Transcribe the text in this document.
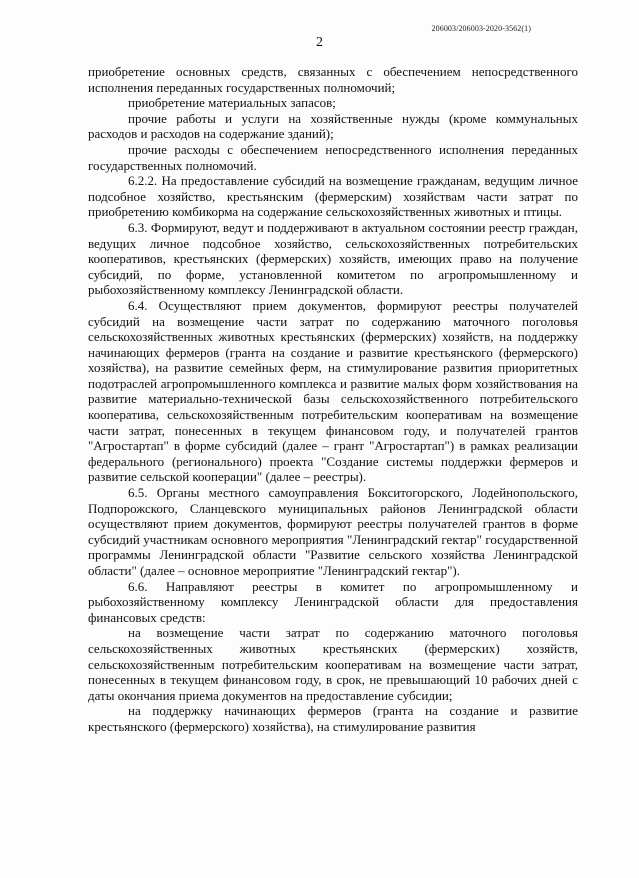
206003/206003-2020-3562(1)
2

приобретение основных средств, связанных с обеспечением непосредственного исполнения переданных государственных полномочий;

приобретение материальных запасов;

прочие работы и услуги на хозяйственные нужды (кроме коммунальных расходов и расходов на содержание зданий);

прочие расходы с обеспечением непосредственного исполнения переданных государственных полномочий.

6.2.2. На предоставление субсидий на возмещение гражданам, ведущим личное подсобное хозяйство, крестьянским (фермерским) хозяйствам части затрат по приобретению комбикорма на содержание сельскохозяйственных животных и птицы.

6.3. Формируют, ведут и поддерживают в актуальном состоянии реестр граждан, ведущих личное подсобное хозяйство, сельскохозяйственных потребительских кооперативов, крестьянских (фермерских) хозяйств, имеющих право на получение субсидий, по форме, установленной комитетом по агропромышленному и рыбохозяйственному комплексу Ленинградской области.

6.4. Осуществляют прием документов, формируют реестры получателей субсидий на возмещение части затрат по содержанию маточного поголовья сельскохозяйственных животных крестьянских (фермерских) хозяйств, на поддержку начинающих фермеров (гранта на создание и развитие крестьянского (фермерского) хозяйства), на развитие семейных ферм, на стимулирование развития приоритетных подотраслей агропромышленного комплекса и развитие малых форм хозяйствования на развитие материально-технической базы сельскохозяйственного потребительского кооператива, сельскохозяйственным потребительским кооперативам на возмещение части затрат, понесенных в текущем финансовом году, и получателей грантов "Агростартап" в форме субсидий (далее – грант "Агростартап") в рамках реализации федерального (регионального) проекта "Создание системы поддержки фермеров и развитие сельской кооперации" (далее – реестры).

6.5. Органы местного самоуправления Бокситогорского, Лодейнопольского, Подпорожского, Сланцевского муниципальных районов Ленинградской области осуществляют прием документов, формируют реестры получателей грантов в форме субсидий участникам основного мероприятия "Ленинградский гектар" государственной программы Ленинградской области "Развитие сельского хозяйства Ленинградской области" (далее – основное мероприятие "Ленинградский гектар").

6.6. Направляют реестры в комитет по агропромышленному и рыбохозяйственному комплексу Ленинградской области для предоставления финансовых средств:

на возмещение части затрат по содержанию маточного поголовья сельскохозяйственных животных крестьянских (фермерских) хозяйств, сельскохозяйственным потребительским кооперативам на возмещение части затрат, понесенных в текущем финансовом году, в срок, не превышающий 10 рабочих дней с даты окончания приема документов на предоставление субсидии;

на поддержку начинающих фермеров (гранта на создание и развитие крестьянского (фермерского) хозяйства), на стимулирование развития
